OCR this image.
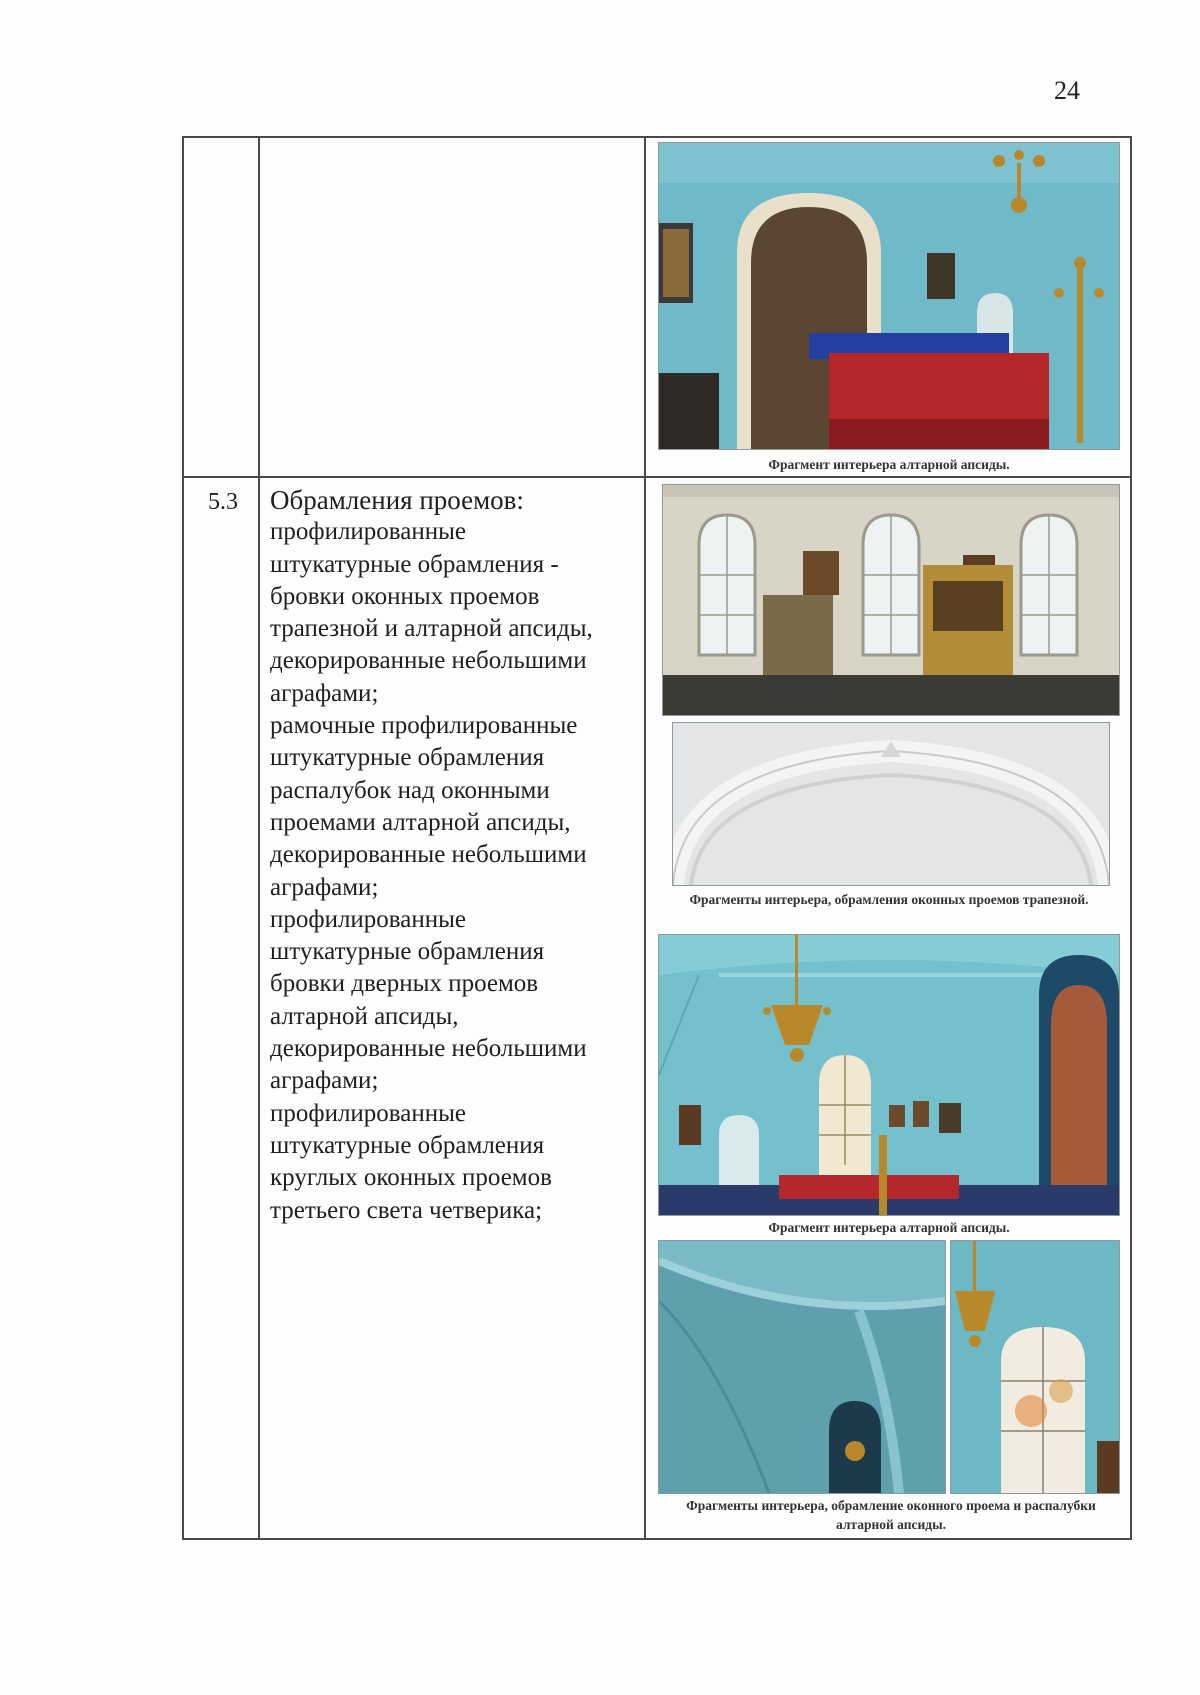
24
5.3 Обрамления проемов:
профилированные
штукатурные обрамления -
бровки оконных проемов
трапезной и алтарной апсиды,
декорированные небольшими
аграфами;
рамочные профилированные
штукатурные обрамления
распалубок над оконными
проемами алтарной апсиды,
декорированные небольшими
аграфами;
профилированные
штукатурные обрамления
бровки дверных проемов
алтарной апсиды,
декорированные небольшими
аграфами;
профилированные
штукатурные обрамления
круглых оконных проемов
третьего света четверика;
Фрагмент интерьера алтарной апсиды.
Фрагменты интерьера, обрамления оконных проемов трапезной.
Фрагмент интерьера алтарной апсиды.
Фрагменты интерьера, обрамление оконного проема и распалубки алтарной апсиды.
